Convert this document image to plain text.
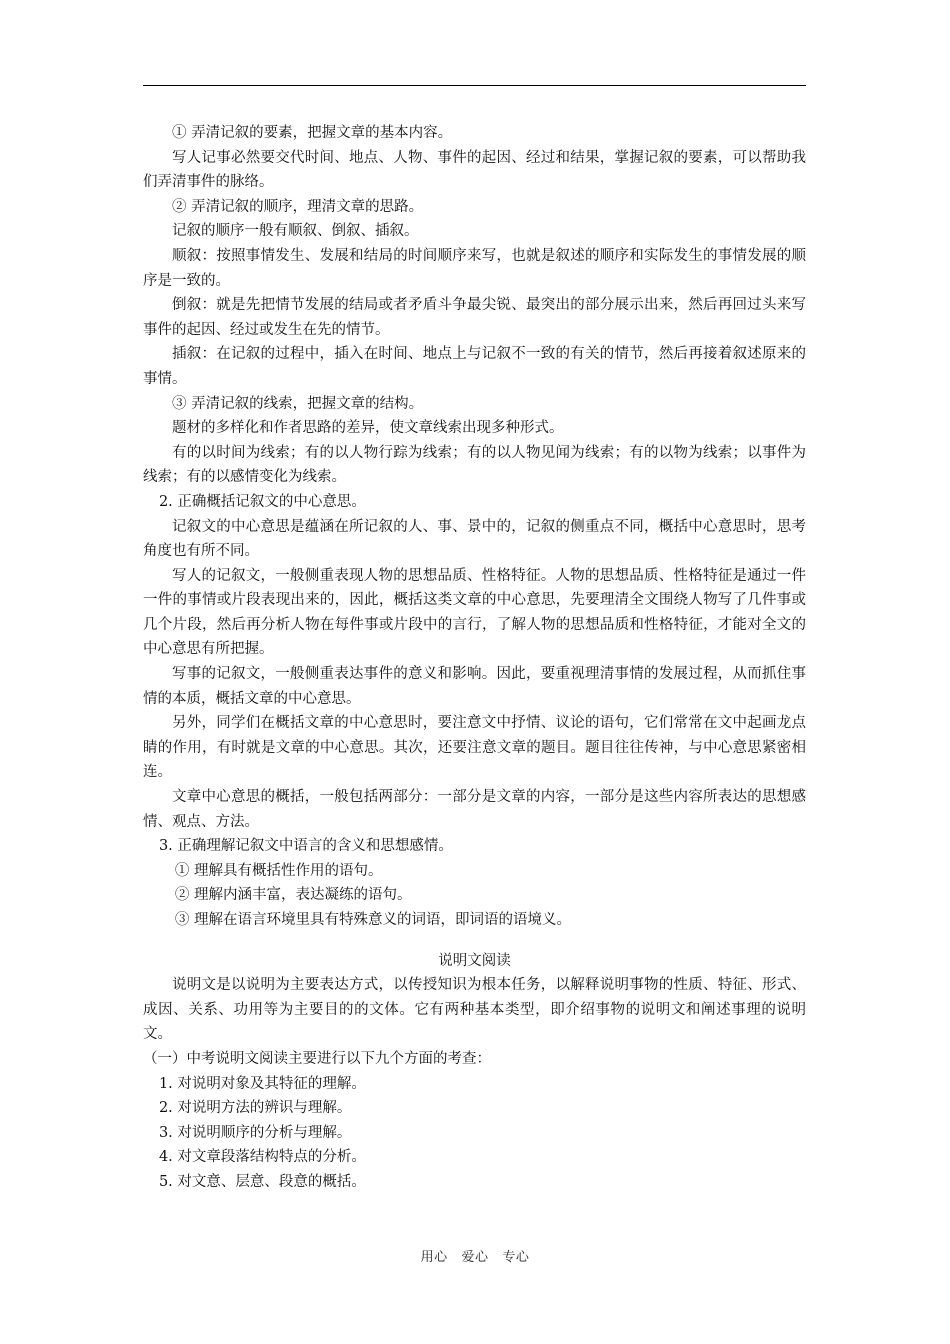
① 弄清记叙的要素，把握文章的基本内容。

写人记事必然要交代时间、地点、人物、事件的起因、经过和结果，掌握记叙的要素，可以帮助我们弄清事件的脉络。

② 弄清记叙的顺序，理清文章的思路。

记叙的顺序一般有顺叙、倒叙、插叙。

顺叙：按照事情发生、发展和结局的时间顺序来写，也就是叙述的顺序和实际发生的事情发展的顺序是一致的。

倒叙：就是先把情节发展的结局或者矛盾斗争最尖锐、最突出的部分展示出来，然后再回过头来写事件的起因、经过或发生在先的情节。

插叙：在记叙的过程中，插入在时间、地点上与记叙不一致的有关的情节，然后再接着叙述原来的事情。

③ 弄清记叙的线索，把握文章的结构。

题材的多样化和作者思路的差异，使文章线索出现多种形式。

有的以时间为线索；有的以人物行踪为线索；有的以人物见闻为线索；有的以物为线索；以事件为线索；有的以感情变化为线索。

2. 正确概括记叙文的中心意思。

记叙文的中心意思是蕴涵在所记叙的人、事、景中的，记叙的侧重点不同，概括中心意思时，思考角度也有所不同。

写人的记叙文，一般侧重表现人物的思想品质、性格特征。人物的思想品质、性格特征是通过一件一件的事情或片段表现出来的，因此，概括这类文章的中心意思，先要理清全文围绕人物写了几件事或几个片段，然后再分析人物在每件事或片段中的言行，了解人物的思想品质和性格特征，才能对全文的中心意思有所把握。

写事的记叙文，一般侧重表达事件的意义和影响。因此，要重视理清事情的发展过程，从而抓住事情的本质，概括文章的中心意思。

另外，同学们在概括文章的中心意思时，要注意文中抒情、议论的语句，它们常常在文中起画龙点睛的作用，有时就是文章的中心意思。其次，还要注意文章的题目。题目往往传神，与中心意思紧密相连。

文章中心意思的概括，一般包括两部分：一部分是文章的内容，一部分是这些内容所表达的思想感情、观点、方法。

3. 正确理解记叙文中语言的含义和思想感情。

① 理解具有概括性作用的语句。

② 理解内涵丰富，表达凝练的语句。

③ 理解在语言环境里具有特殊意义的词语，即词语的语境义。

说明文阅读

说明文是以说明为主要表达方式，以传授知识为根本任务，以解释说明事物的性质、特征、形式、成因、关系、功用等为主要目的的文体。它有两种基本类型，即介绍事物的说明文和阐述事理的说明文。

（一）中考说明文阅读主要进行以下九个方面的考查：

1. 对说明对象及其特征的理解。

2. 对说明方法的辨识与理解。

3. 对说明顺序的分析与理解。

4. 对文章段落结构特点的分析。

5. 对文意、层意、段意的概括。

用心   爱心   专心
